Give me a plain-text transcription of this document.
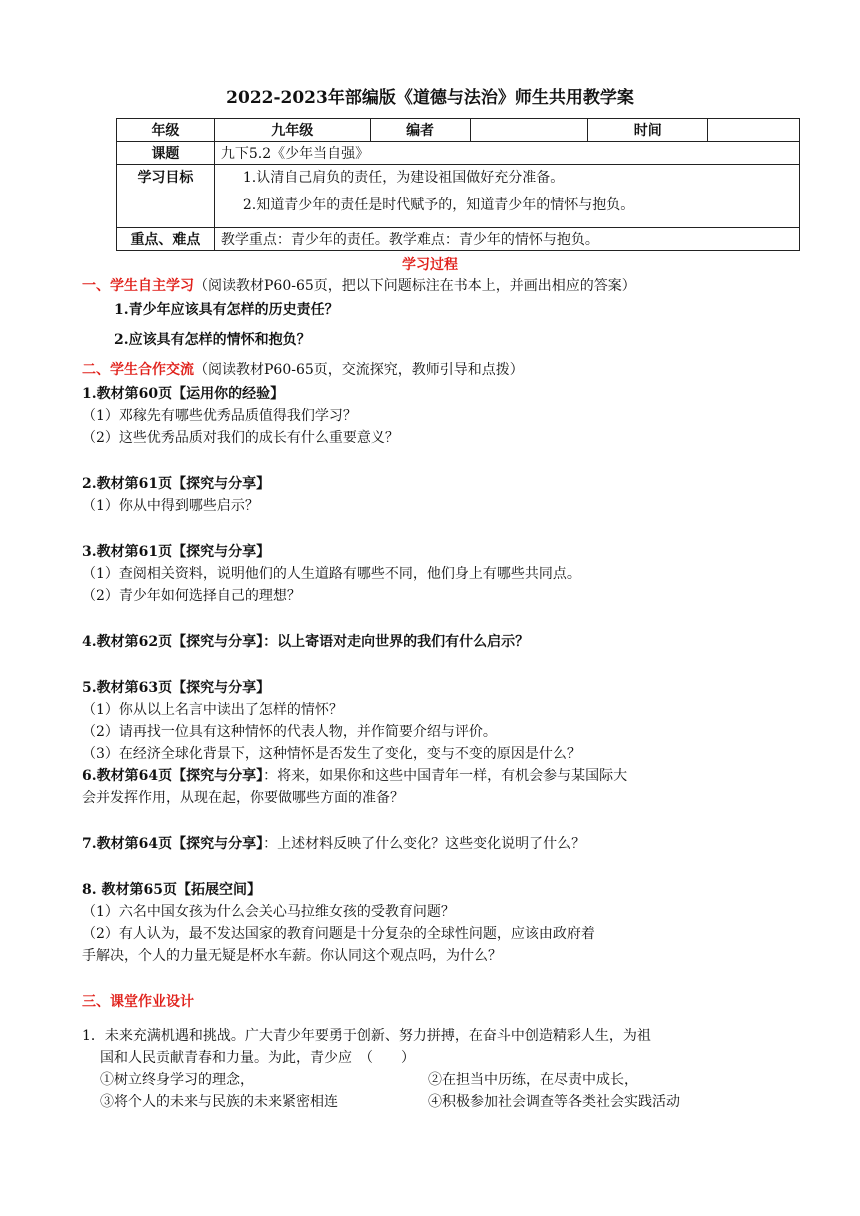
2022-2023年部编版《道德与法治》师生共用教学案
年级	九年级	编者		时间	
课题	九下5.2《少年当自强》				
学习目标	1.认清自己肩负的责任，为建设祖国做好充分准备。
2.知道青少年的责任是时代赋予的，知道青少年的情怀与抱负。				

重点、难点	教学重点：青少年的责任。教学难点：青少年的情怀与抱负。				
学习过程
一、学生自主学习（阅读教材P60-65页，把以下问题标注在书本上，并画出相应的答案）
1.青少年应该具有怎样的历史责任？
2.应该具有怎样的情怀和抱负？
二、学生合作交流（阅读教材P60-65页，交流探究，教师引导和点拨）
1.教材第60页【运用你的经验】
（1）邓稼先有哪些优秀品质值得我们学习？
（2）这些优秀品质对我们的成长有什么重要意义？
2.教材第61页【探究与分享】
（1）你从中得到哪些启示？
3.教材第61页【探究与分享】
（1）查阅相关资料，说明他们的人生道路有哪些不同，他们身上有哪些共同点。
（2）青少年如何选择自己的理想？
4.教材第62页【探究与分享】：以上寄语对走向世界的我们有什么启示？
5.教材第63页【探究与分享】
（1）你从以上名言中读出了怎样的情怀？
（2）请再找一位具有这种情怀的代表人物，并作简要介绍与评价。
（3）在经济全球化背景下，这种情怀是否发生了变化，变与不变的原因是什么？
6.教材第64页【探究与分享】：将来，如果你和这些中国青年一样，有机会参与某国际大
会并发挥作用，从现在起，你要做哪些方面的准备？
7.教材第64页【探究与分享】：上述材料反映了什么变化？这些变化说明了什么？
8. 教材第65页【拓展空间】
（1）六名中国女孩为什么会关心马拉维女孩的受教育问题？
（2）有人认为，最不发达国家的教育问题是十分复杂的全球性问题，应该由政府着
手解决，个人的力量无疑是杯水车薪。你认同这个观点吗，为什么？
三、课堂作业设计
1．未来充满机遇和挑战。广大青少年要勇于创新、努力拼搏，在奋斗中创造精彩人生，为祖
国和人民贡献青春和力量。为此，青少应　（　　）
①树立终身学习的理念，	②在担当中历练，在尽责中成长，
③将个人的未来与民族的未来紧密相连	④积极参加社会调查等各类社会实践活动
